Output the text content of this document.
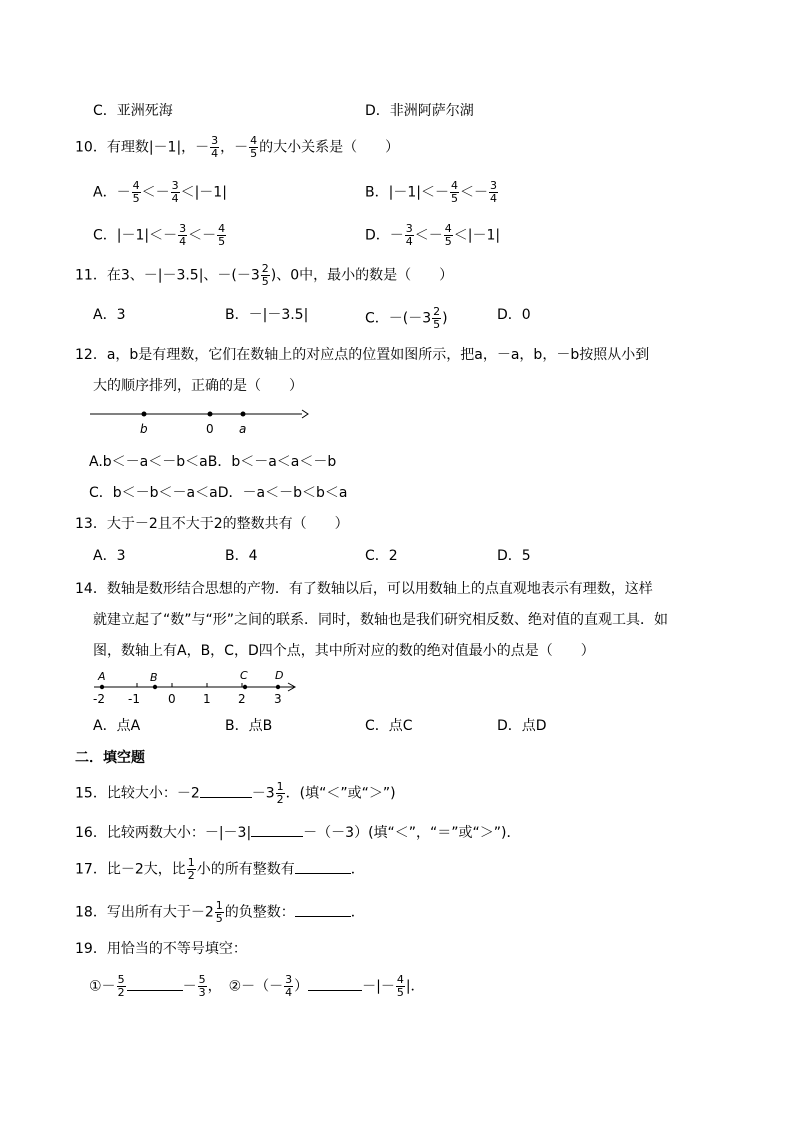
C．亚洲死海	D．非洲阿萨尔湖
10．有理数|－1|，－ $\frac{3}{4}$ ，－ $\frac{4}{5}$ 的大小关系是（　　）
A．－ $\frac{4}{5} <- \frac{3}{4} <|-1|$	B．$|-1|<- \frac{4}{5} <- \frac{3}{4}$
C．$|-1|<- \frac{3}{4} <- \frac{4}{5}$	D．－ $\frac{3}{4} <- \frac{4}{5} <|-1|$
11．在3、－|－3.5|、$-(-3 \frac{2}{5}$ )、0中，最小的数是（　　）
A．3	B．－|－3.5|	C．$-(-3 \frac{2}{5}$ )	D．0
12．a，b是有理数，它们在数轴上的对应点的位置如图所示，把a，－a，b，－b按照从小到
大的顺序排列，正确的是（　　）
b	0 a
A.b＜－a＜－b＜aB．b＜－a＜a＜－b
C．b＜－b＜－a＜aD．－a＜－b＜b＜a
13．大于－2且不大于2的整数共有（　　）
A．3	B．4	C．2	D．5
14．数轴是数形结合思想的产物．有了数轴以后，可以用数轴上的点直观地表示有理数，这样
就建立起了“数”与“形”之间的联系．同时，数轴也是我们研究相反数、绝对值的直观工具．如
图，数轴上有A，B，C，D四个点，其中所对应的数的绝对值最小的点是（　　）
A	B	C D
-2 -1 0 1 2 3
A．点A	B．点B	C．点C	D．点D
二．填空题
15．比较大小：－2	$-3 \frac{1}{2}$ ．(填“＜”或“＞”)
16．比较两数大小：－|－3|	－（－3）(填“＜”，“＝”或“＞”)．
17．比－2大，比 $\frac{1}{2}$ 小的所有整数有	．
18．写出所有大于$-2 \frac{1}{5}$ 的负整数：	．
19．用恰当的不等号填空：
①－ $\frac{5}{2}$	－ $\frac{5}{3}$ ，　 ②－（－ $\frac{3}{4}$ ）	－|－ $\frac{4}{5}$ |．
